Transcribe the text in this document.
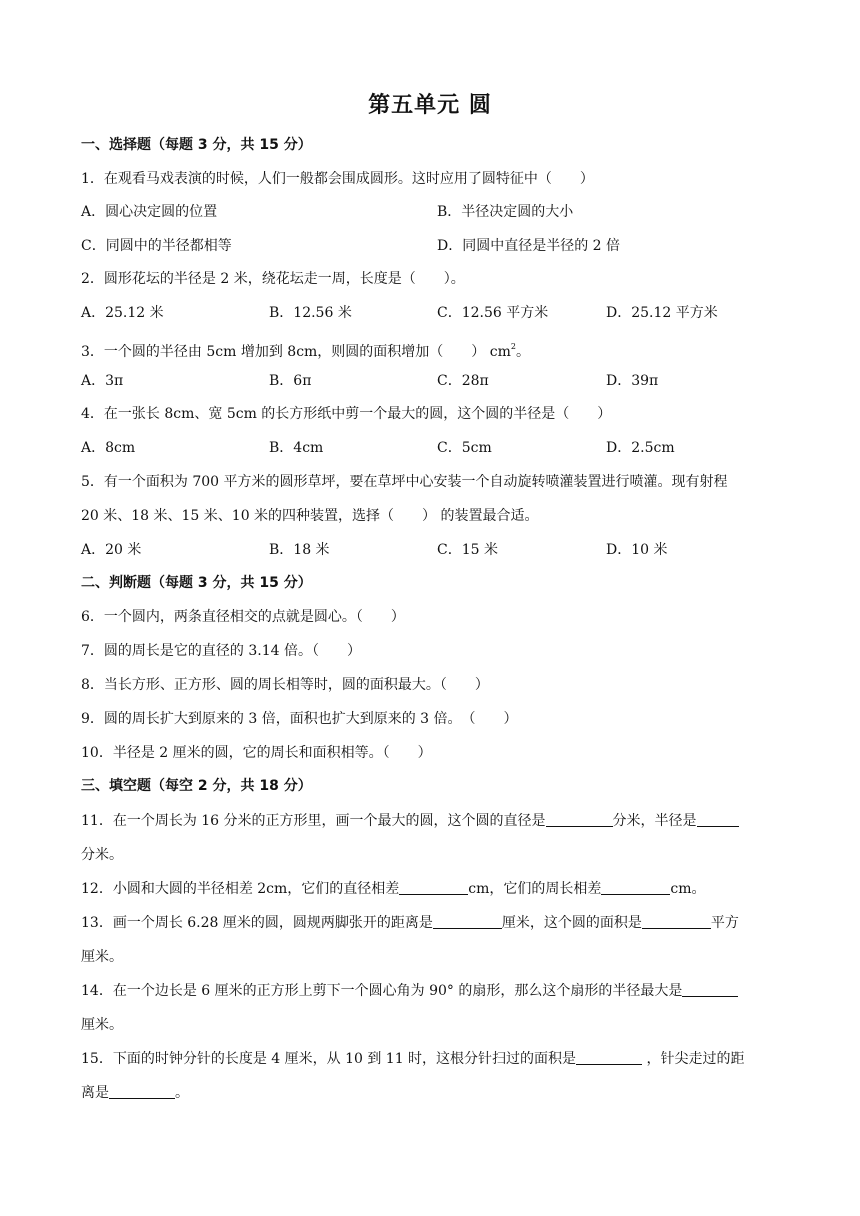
第五单元 圆
一、选择题（每题 3 分，共 15 分）
1．在观看马戏表演的时候，人们一般都会围成圆形。这时应用了圆特征中（　　）
A．圆心决定圆的位置	B．半径决定圆的大小
C．同圆中的半径都相等	D．同圆中直径是半径的 2 倍
2．圆形花坛的半径是 2 米，绕花坛走一周，长度是（　　）。
A．25.12 米	B．12.56 米	C．12.56 平方米	D．25.12 平方米
3．一个圆的半径由 5cm 增加到 8cm，则圆的面积增加（　　） $cm^2$。
A．3π	B．6π	C．28π	D．39π
4．在一张长 8cm、宽 5cm 的长方形纸中剪一个最大的圆，这个圆的半径是（　　）
A．8cm	B．4cm	C．5cm	D．2.5cm
5．有一个面积为 700 平方米的圆形草坪，要在草坪中心安装一个自动旋转喷灌装置进行喷灌。现有射程
20 米、18 米、15 米、10 米的四种装置，选择（　　） 的装置最合适。
A．20 米	B．18 米	C．15 米	D．10 米
二、判断题（每题 3 分，共 15 分）
6．一个圆内，两条直径相交的点就是圆心。（　　）
7．圆的周长是它的直径的 3.14 倍。（　　）
8．当长方形、正方形、圆的周长相等时，圆的面积最大。（　　）
9．圆的周长扩大到原来的 3 倍，面积也扩大到原来的 3 倍。　（　　）
10．半径是 2 厘米的圆，它的周长和面积相等。（　　）
三、填空题（每空 2 分，共 18 分）
11．在一个周长为 16 分米的正方形里，画一个最大的圆，这个圆的直径是	分米，半径是
分米。
12．小圆和大圆的半径相差 2cm，它们的直径相差	cm，它们的周长相差	cm。
13．画一个周长 6.28 厘米的圆，圆规两脚张开的距离是	厘米，这个圆的面积是	平方
厘米。
14．在一个边长是 6 厘米的正方形上剪下一个圆心角为 90° 的扇形，那么这个扇形的半径最大是
厘米。
15．下面的时钟分针的长度是 4 厘米，从 10 到 11 时，这根分针扫过的面积是	，针尖走过的距
离是	。
